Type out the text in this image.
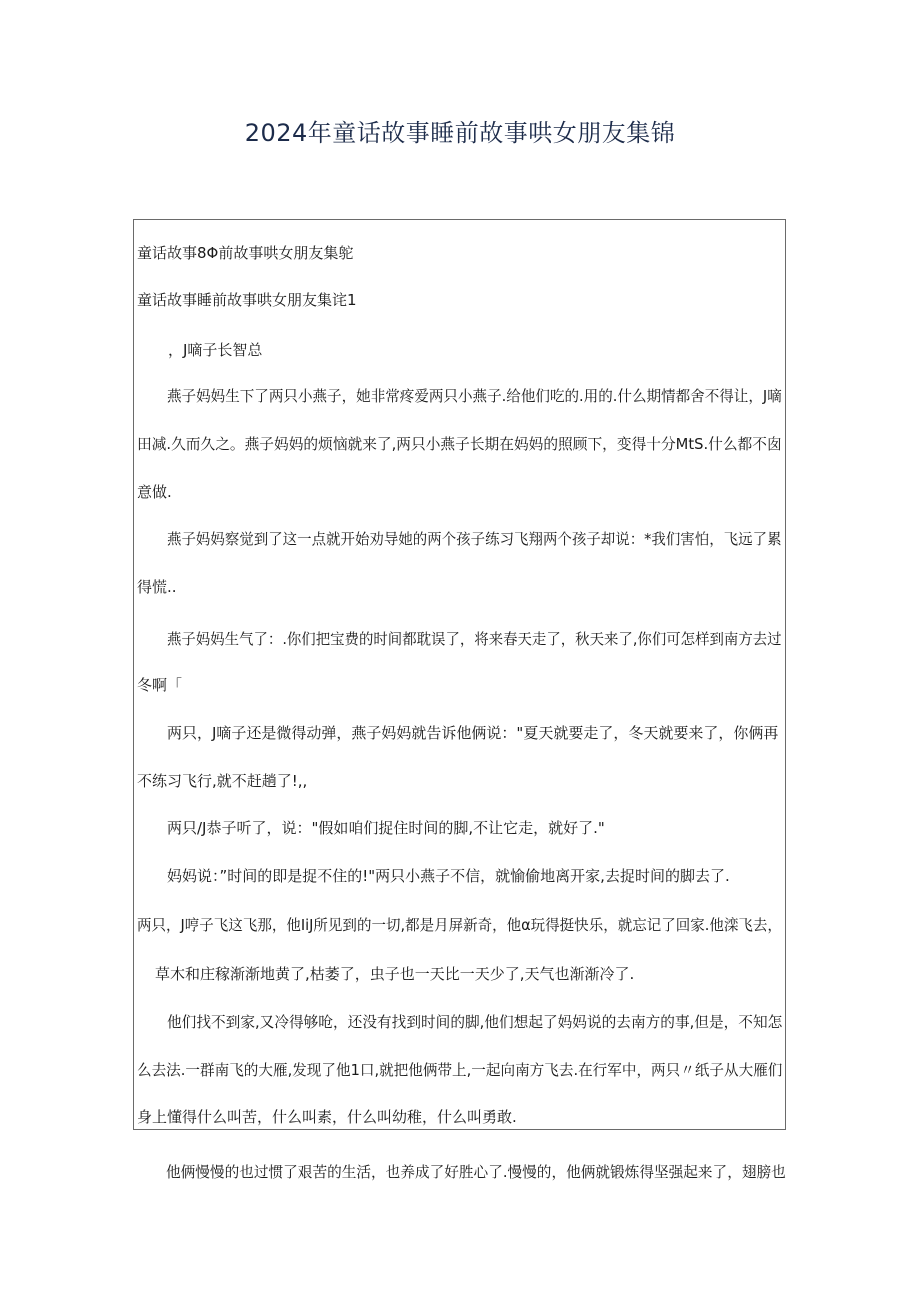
2024年童话故事睡前故事哄女朋友集锦

童话故事8Φ前故事哄女朋友集鸵

童话故事睡前故事哄女朋友集诧1

，J嘀子长智总

燕子妈妈生下了两只小燕子，她非常疼爱两只小燕子.给他们吃的.用的.什么期情都舍不得让，J嘀

田减.久而久之。燕子妈妈的烦恼就来了,两只小燕子长期在妈妈的照顾下，变得十分MtS.什么都不囱

意做.

燕子妈妈察觉到了这一点就开始劝导她的两个孩子练习飞翔两个孩子却说：*我们害怕，飞远了累

得慌..

燕子妈妈生气了：.你们把宝费的时间都耽误了，将来春天走了，秋天来了,你们可怎样到南方去过

冬啊「

两只，J嘀子还是微得动弹，燕子妈妈就告诉他俩说："夏天就要走了，冬天就要来了，你俩再

不练习飞行,就不赶趟了!,,

两只/J恭子听了，说："假如咱们捉住时间的脚,不让它走，就好了."

妈妈说：”时间的即是捉不住的!"两只小燕子不信，就愉偷地离开家,去捉时间的脚去了.

两只，J哼子飞这飞那，他IiJ所见到的一切,都是月屏新奇，他α玩得挺快乐，就忘记了回家.他滦飞去，

草木和庄稼渐渐地黄了,枯萎了，虫子也一天比一天少了,天气也渐渐冷了.

他们找不到家,又冷得够呛，还没有找到时间的脚,他们想起了妈妈说的去南方的事,但是，不知怎

么去法.一群南飞的大雁,发现了他1口,就把他俩带上,一起向南方飞去.在行军中，两只〃纸子从大雁们

身上懂得什么叫苦，什么叫素，什么叫幼稚，什么叫勇敢.

他俩慢慢的也过惯了艰苦的生活，也养成了好胜心了.慢慢的，他俩就锻炼得坚强起来了，翅膀也
